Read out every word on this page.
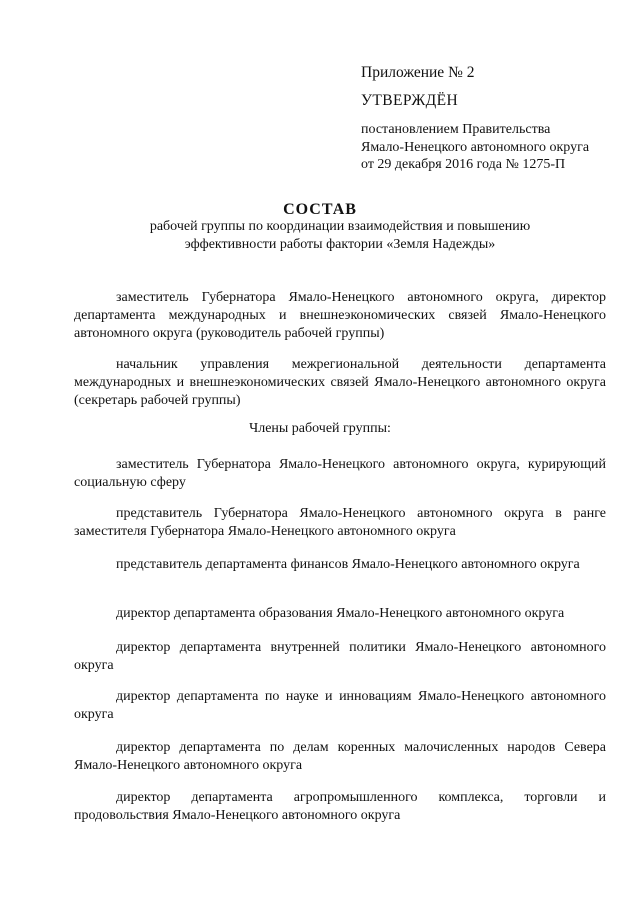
Приложение № 2
УТВЕРЖДЁН
постановлением Правительства
Ямало-Ненецкого автономного округа
от 29 декабря 2016 года № 1275-П
СОСТАВ
рабочей группы по координации взаимодействия и повышению эффективности работы фактории «Земля Надежды»
заместитель Губернатора Ямало-Ненецкого автономного округа, директор департамента международных и внешнеэкономических связей Ямало-Ненецкого автономного округа (руководитель рабочей группы)
начальник управления межрегиональной деятельности департамента международных и внешнеэкономических связей Ямало-Ненецкого автономного округа (секретарь рабочей группы)
Члены рабочей группы:
заместитель Губернатора Ямало-Ненецкого автономного округа, курирующий социальную сферу
представитель Губернатора Ямало-Ненецкого автономного округа в ранге заместителя Губернатора Ямало-Ненецкого автономного округа
представитель департамента финансов Ямало-Ненецкого автономного округа
директор департамента образования Ямало-Ненецкого автономного округа
директор департамента внутренней политики Ямало-Ненецкого автономного округа
директор департамента по науке и инновациям Ямало-Ненецкого автономного округа
директор департамента по делам коренных малочисленных народов Севера Ямало-Ненецкого автономного округа
директор департамента агропромышленного комплекса, торговли и продовольствия Ямало-Ненецкого автономного округа
